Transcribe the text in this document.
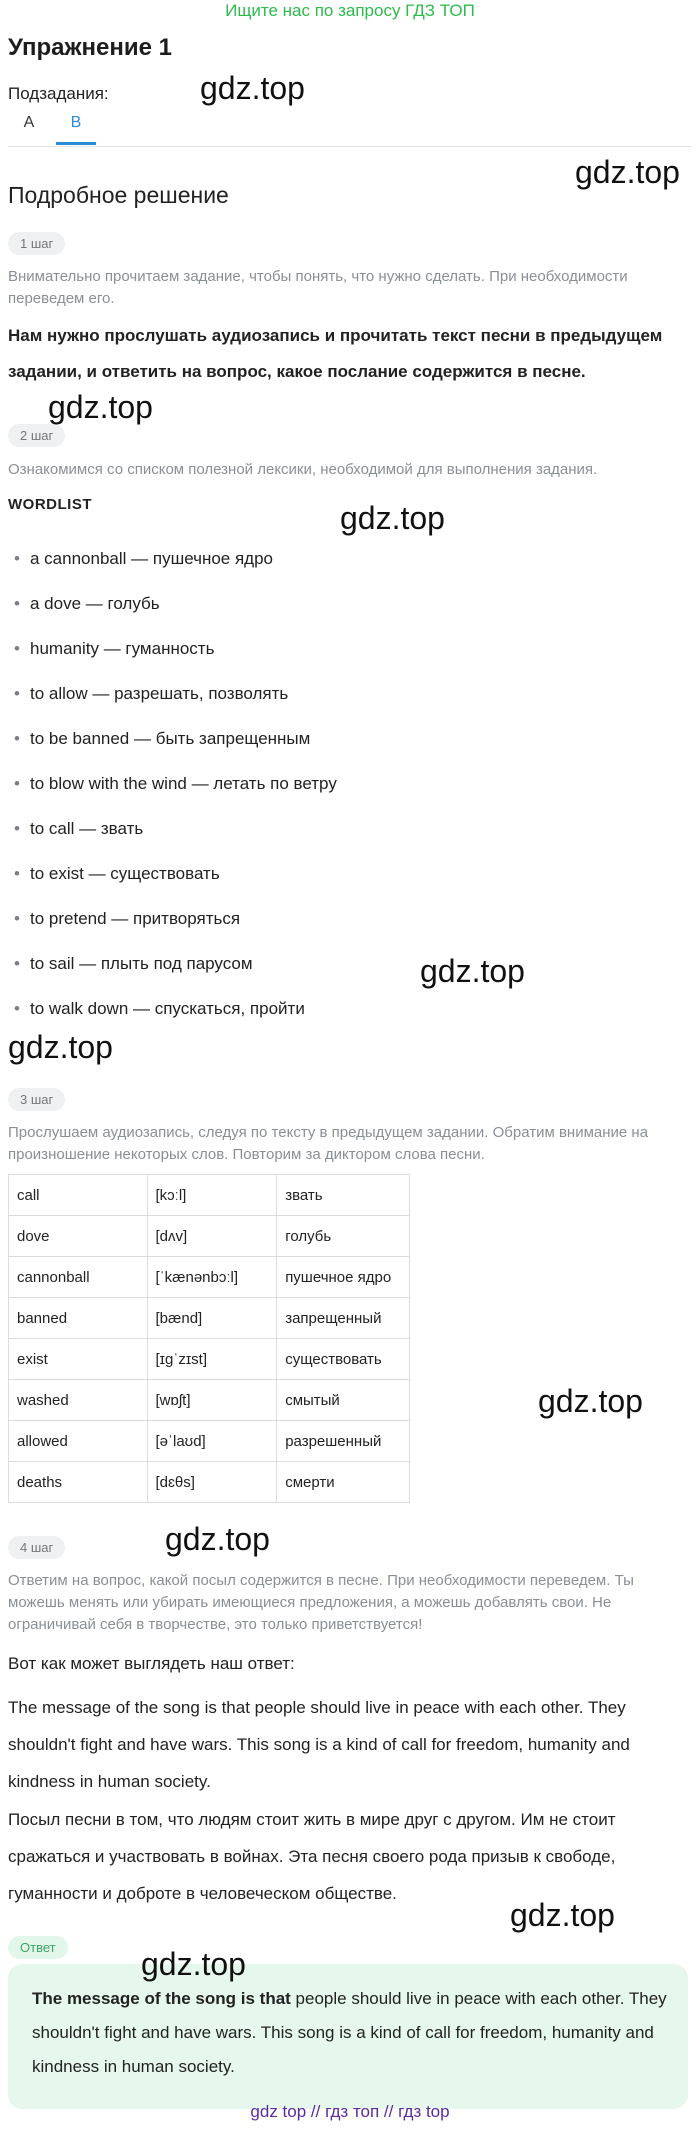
Ищите нас по запросу ГДЗ ТОП
Упражнение 1
Подзадания:
A	B
Подробное решение
1 шаг
Внимательно прочитаем задание, чтобы понять, что нужно сделать. При необходимости переведем его.
Нам нужно прослушать аудиозапись и прочитать текст песни в предыдущем задании, и ответить на вопрос, какое послание содержится в песне.
2 шаг
Ознакомимся со списком полезной лексики, необходимой для выполнения задания.
WORDLIST
• a cannonball — пушечное ядро
• a dove — голубь
• humanity — гуманность
• to allow — разрешать, позволять
• to be banned — быть запрещенным
• to blow with the wind — летать по ветру
• to call — звать
• to exist — существовать
• to pretend — притворяться
• to sail — плыть под парусом
• to walk down — спускаться, пройти
3 шаг
Прослушаем аудиозапись, следуя по тексту в предыдущем задании. Обратим внимание на произношение некоторых слов. Повторим за диктором слова песни.
call	[kɔːl]	звать
dove	[dʌv]	голубь
cannonball	[ˈkænənbɔːl]	пушечное ядро
banned	[bænd]	запрещенный
exist	[ɪɡˈzɪst]	существовать
washed	[wɒʃt]	смытый
allowed	[əˈlaʊd]	разрешенный
deaths	[dɛθs]	смерти
4 шаг
Ответим на вопрос, какой посыл содержится в песне. При необходимости переведем. Ты можешь менять или убирать имеющиеся предложения, а можешь добавлять свои. Не ограничивай себя в творчестве, это только приветствуется!
Вот как может выглядеть наш ответ:
The message of the song is that people should live in peace with each other. They shouldn't fight and have wars. This song is a kind of call for freedom, humanity and kindness in human society.
Посыл песни в том, что людям стоит жить в мире друг с другом. Им не стоит сражаться и участвовать в войнах. Эта песня своего рода призыв к свободе, гуманности и доброте в человеческом обществе.
Ответ
The message of the song is that people should live in peace with each other. They shouldn't fight and have wars. This song is a kind of call for freedom, humanity and kindness in human society.
gdz.top
gdz.top
gdz.top
gdz.top
gdz.top
gdz.top
gdz.top
gdz.top
gdz.top
gdz.top
gdz top // гдз топ // гдз top
